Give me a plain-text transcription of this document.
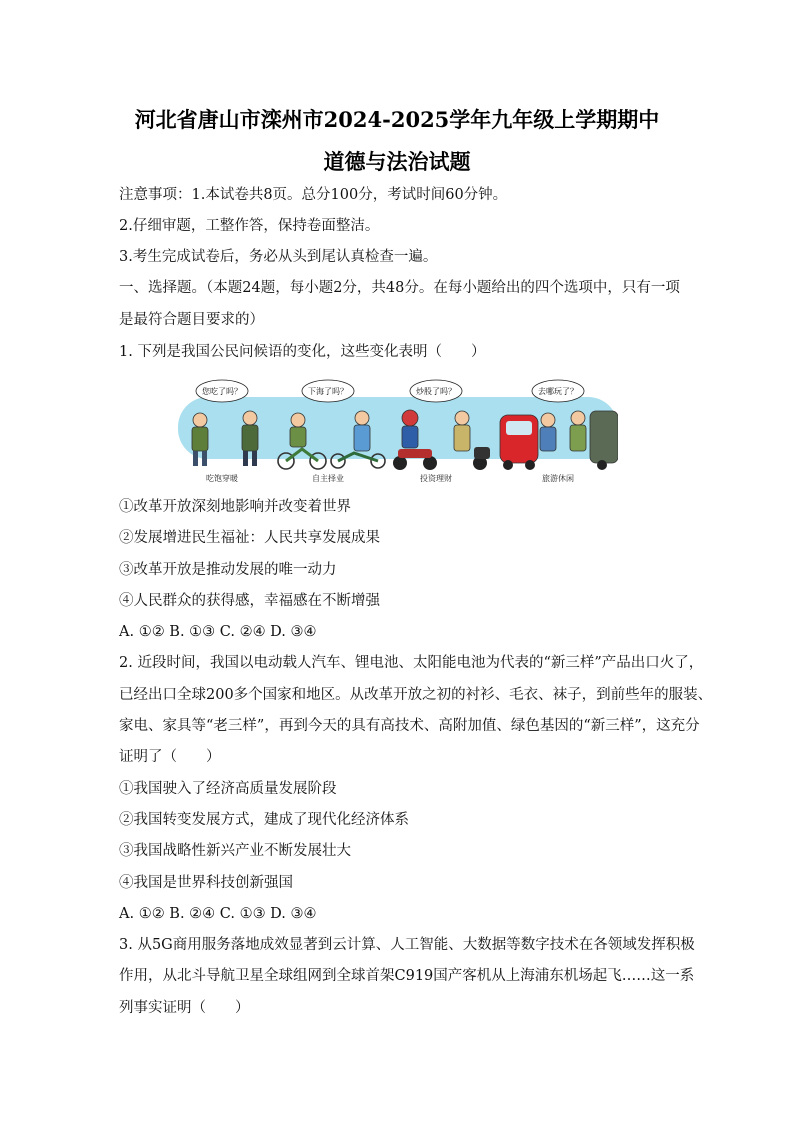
河北省唐山市滦州市2024-2025学年九年级上学期期中
道德与法治试题
注意事项：1.本试卷共8页。总分100分，考试时间60分钟。
2.仔细审题，工整作答，保持卷面整洁。
3.考生完成试卷后，务必从头到尾认真检查一遍。
一、选择题。（本题24题，每小题2分，共48分。在每小题给出的四个选项中，只有一项
是最符合题目要求的）
1. 下列是我国公民问候语的变化，这些变化表明（　　）
您吃了吗？
吃饱穿暖
下海了吗？
自主择业
炒股了吗？
投资理财
去哪玩了？
旅游休闲
①改革开放深刻地影响并改变着世界
②发展增进民生福祉：人民共享发展成果
③改革开放是推动发展的唯一动力
④人民群众的获得感，幸福感在不断增强
A. ①② B. ①③ C. ②④ D. ③④
2. 近段时间，我国以电动载人汽车、锂电池、太阳能电池为代表的“新三样”产品出口火了，
已经出口全球200多个国家和地区。从改革开放之初的衬衫、毛衣、袜子，到前些年的服装、
家电、家具等“老三样”，再到今天的具有高技术、高附加值、绿色基因的“新三样”，这充分
证明了（　　）
①我国驶入了经济高质量发展阶段
②我国转变发展方式，建成了现代化经济体系
③我国战略性新兴产业不断发展壮大
④我国是世界科技创新强国
A. ①② B. ②④ C. ①③ D. ③④
3. 从5G商用服务落地成效显著到云计算、人工智能、大数据等数字技术在各领域发挥积极
作用，从北斗导航卫星全球组网到全球首架C919国产客机从上海浦东机场起飞……这一系
列事实证明（　　）
